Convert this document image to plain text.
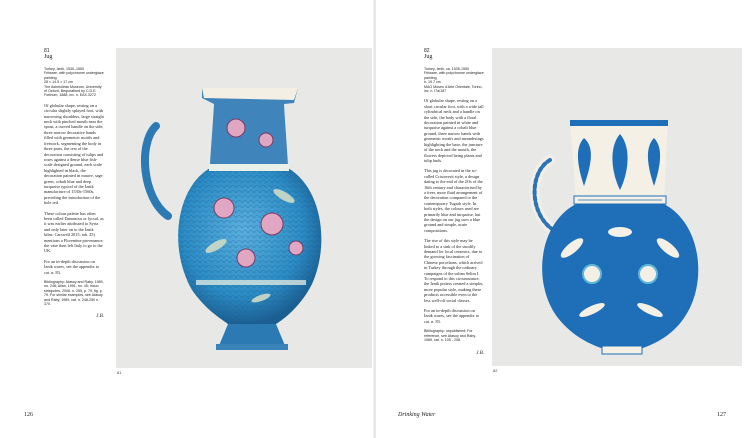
81
Jug
Turkey, İznik, 1530–1550
Fritware, with polychrome underglaze painting
28 × 14.5 × 17 cm
The Ashmolean Museum, University of Oxford, Bequeathed by C.D.E. Fortnum, 1888, inv. n. EAX.3272

Of globular shape, resting on a circular slightly splayed foot, with narrowing shoulders, large straight neck with pinched mouth near the spout, a curved handle on the side, three narrow decorative bands filled with geometric motifs and fretwork, segmenting the body in three parts, the rest of the decoration consisting of tulips and roses against a dense blue fish-scale designed ground, each scale highlighted in black, the decoration painted in mauve, sage green, cobalt blue and deep turquoise typical of the İznik manufacture of 1530s-1560s, preceding the introduction of the bole red.

These colour palette has often been called Damascus or lycsal, as it was earlier attributed to Syria and only later on to the İznik kilns: Carswell 2015, tab. 25) mentions a Florentine provenance; the vase then left Italy to go to the UK.

For an in-depth discussion on İznik wares, see the appendix to cat. n. 83.

Bibliography: Atasoy and Raby, 1989, no. 248; Allan, 1991, no. 45; Incoo strisipoles, 2006, n. 255, p. 79, fig. p. 79. For similar examples, see Atasoy and Raby, 1989, cat. n. 248-250 n. 370.
J.B.
81
126
82
Jug
Turkey, İznik, ca. 1535-1550
Fritware, with polychrome underglaze painting
h. 19.7 cm
MAO Museo d'Arte Orientale, Torino, inv. n. l7a/187

Of globular shape, resting on a short circular foot, with a wide tall cylindrical neck and a handle on the side, the body with a floral decoration painted in white and turquoise against a cobalt blue ground, three narrow bands with geometric motifs and meanderings highlighting the base, the juncture of the neck and the mouth, the flowers depicted being plants and tulip buds.

This jug is decorated in the so-called Cristoverit style, a design dating to the end of the 2Os of the 16th century and characterised by a freer, more fluid arrangement of the decoration compared to the contemporary Tugralı style. In both styles, the colours used are primarily blue and turquoise, but the design on our jug uses a blue ground and simple, acute compositions.

The rise of this style may be linked to a sink of the sturdily demand for local ceramics, due to the growing fascination of Chinese porcelains, which arrived in Turkey through the ordinary campaigns of the sultan Selim I. To respond to this circumstance, the İznik potters created a simpler, more popular style, making these products accessible even to the less well-off social classes.

For an in-depth discussion on İznik wares, see the appendix to cat. n. 83.

Bibliography: unpublished; For reference, see Atasoy and Raby, 1989, cat. n. 105 - 208.
J.B.
82
Drinking Water	127
